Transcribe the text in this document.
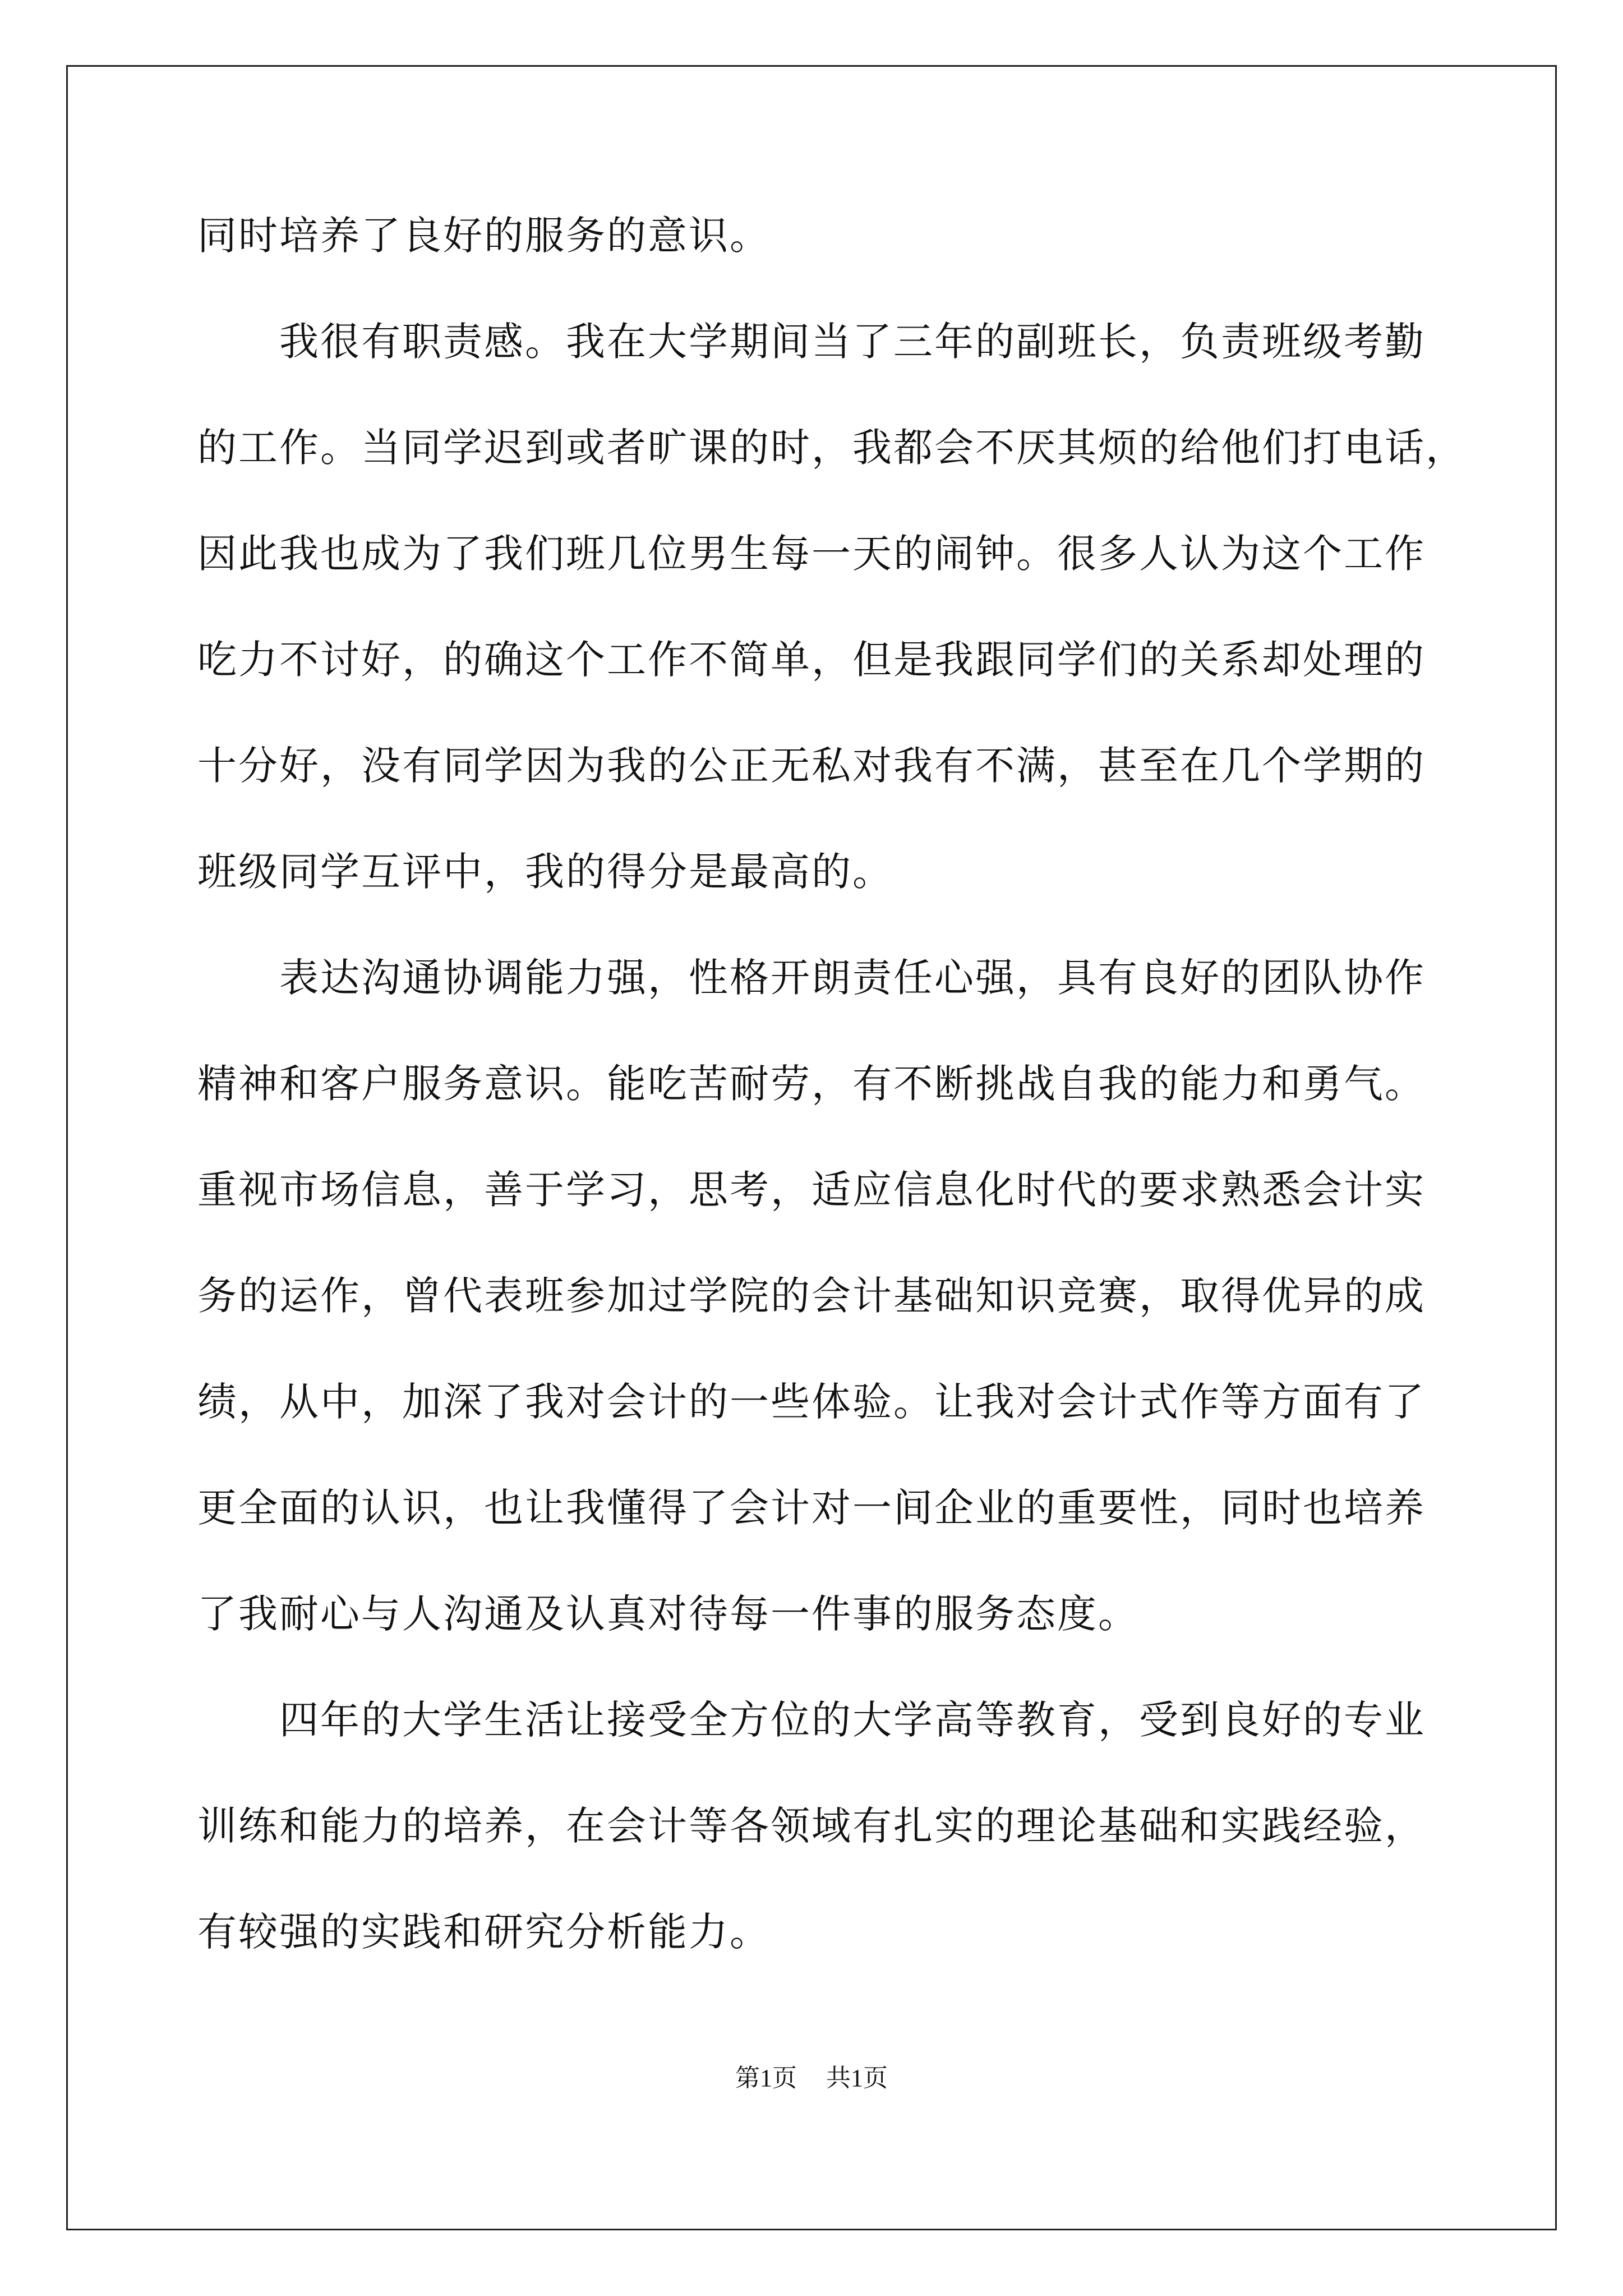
同时培养了良好的服务的意识。
　　我很有职责感。我在大学期间当了三年的副班长，负责班级考勤
的工作。当同学迟到或者旷课的时，我都会不厌其烦的给他们打电话，
因此我也成为了我们班几位男生每一天的闹钟。很多人认为这个工作
吃力不讨好，的确这个工作不简单，但是我跟同学们的关系却处理的
十分好，没有同学因为我的公正无私对我有不满，甚至在几个学期的
班级同学互评中，我的得分是最高的。
　　表达沟通协调能力强，性格开朗责任心强，具有良好的团队协作
精神和客户服务意识。能吃苦耐劳，有不断挑战自我的能力和勇气。
重视市场信息，善于学习，思考，适应信息化时代的要求熟悉会计实
务的运作，曾代表班参加过学院的会计基础知识竞赛，取得优异的成
绩，从中，加深了我对会计的一些体验。让我对会计式作等方面有了
更全面的认识，也让我懂得了会计对一间企业的重要性，同时也培养
了我耐心与人沟通及认真对待每一件事的服务态度。
　　四年的大学生活让接受全方位的大学高等教育，受到良好的专业
训练和能力的培养，在会计等各领域有扎实的理论基础和实践经验，
有较强的实践和研究分析能力。
第1页 共1页
